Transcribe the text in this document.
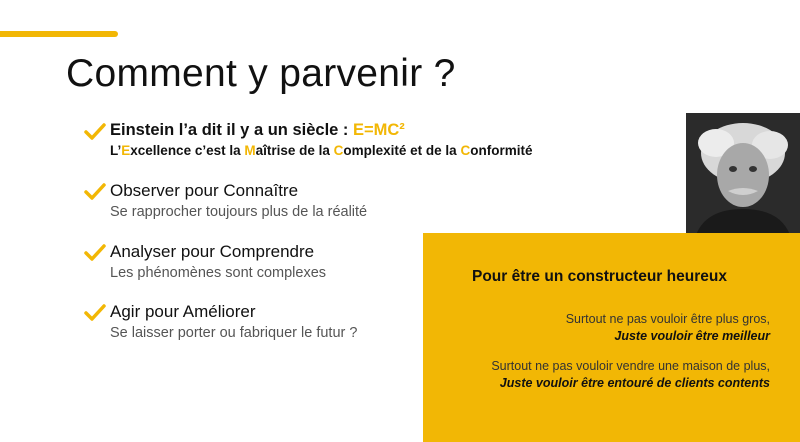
Comment y parvenir ?
Einstein l’a dit il y a un siècle : E=MC²
L’Excellence c’est la Maîtrise de la Complexité et de la Conformité
Observer pour Connaître
Se rapprocher toujours plus de la réalité
Analyser pour Comprendre
Les phénomènes sont complexes
Agir pour Améliorer
Se laisser porter ou fabriquer le futur ?
Pour être un constructeur heureux
Surtout ne pas vouloir être plus gros,
Juste vouloir être meilleur
Surtout ne pas vouloir vendre une maison de plus,
Juste vouloir être entouré de clients contents
